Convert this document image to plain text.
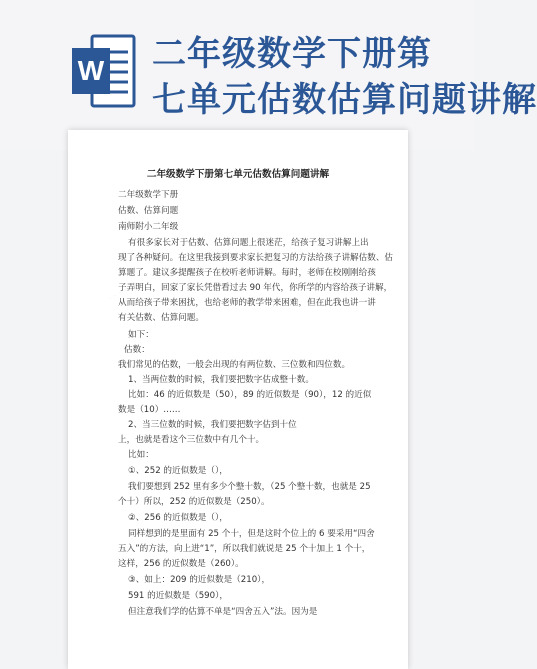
W 二年级数学下册第
七单元估数估算问题讲解
· · · ·
二年级数学下册第七单元估数估算问题讲解
二年级数学下册
估数、估算问题
南师附小二年级
有很多家长对于估数、估算问题上很迷茫，给孩子复习讲解上出
现了各种疑问。在这里我接到要求家长把复习的方法给孩子讲解估数、估
算题了。建议多提醒孩子在校听老师讲解。每时，老师在校刚刚给孩
子弄明白，回家了家长凭借看过去 90 年代，你所学的内容给孩子讲解，
从而给孩子带来困扰，也给老师的教学带来困难，但在此我也讲一讲
有关估数、估算问题。
如下：
估数：
我们常见的估数，一般会出现的有两位数、三位数和四位数。
1、当两位数的时候，我们要把数字估成整十数。
比如：46 的近似数是（50），89 的近似数是（90），12 的近似
数是（10）……
2、当三位数的时候，我们要把数字估到十位
上，也就是看这个三位数中有几个十。
比如：
①、252 的近似数是（），
我们要想到 252 里有多少个整十数，（25 个整十数，也就是 25
个十）所以，252 的近似数是（250）。
②、256 的近似数是（），
同样想到的是里面有 25 个十，但是这时个位上的 6 要采用“四舍
五入”的方法，向上进“1”，所以我们就说是 25 个十加上 1 个十，
这样，256 的近似数是（260）。
③、如上：209 的近似数是（210），
591 的近似数是（590），
但注意我们学的估算不单是“四舍五入”法。因为是
